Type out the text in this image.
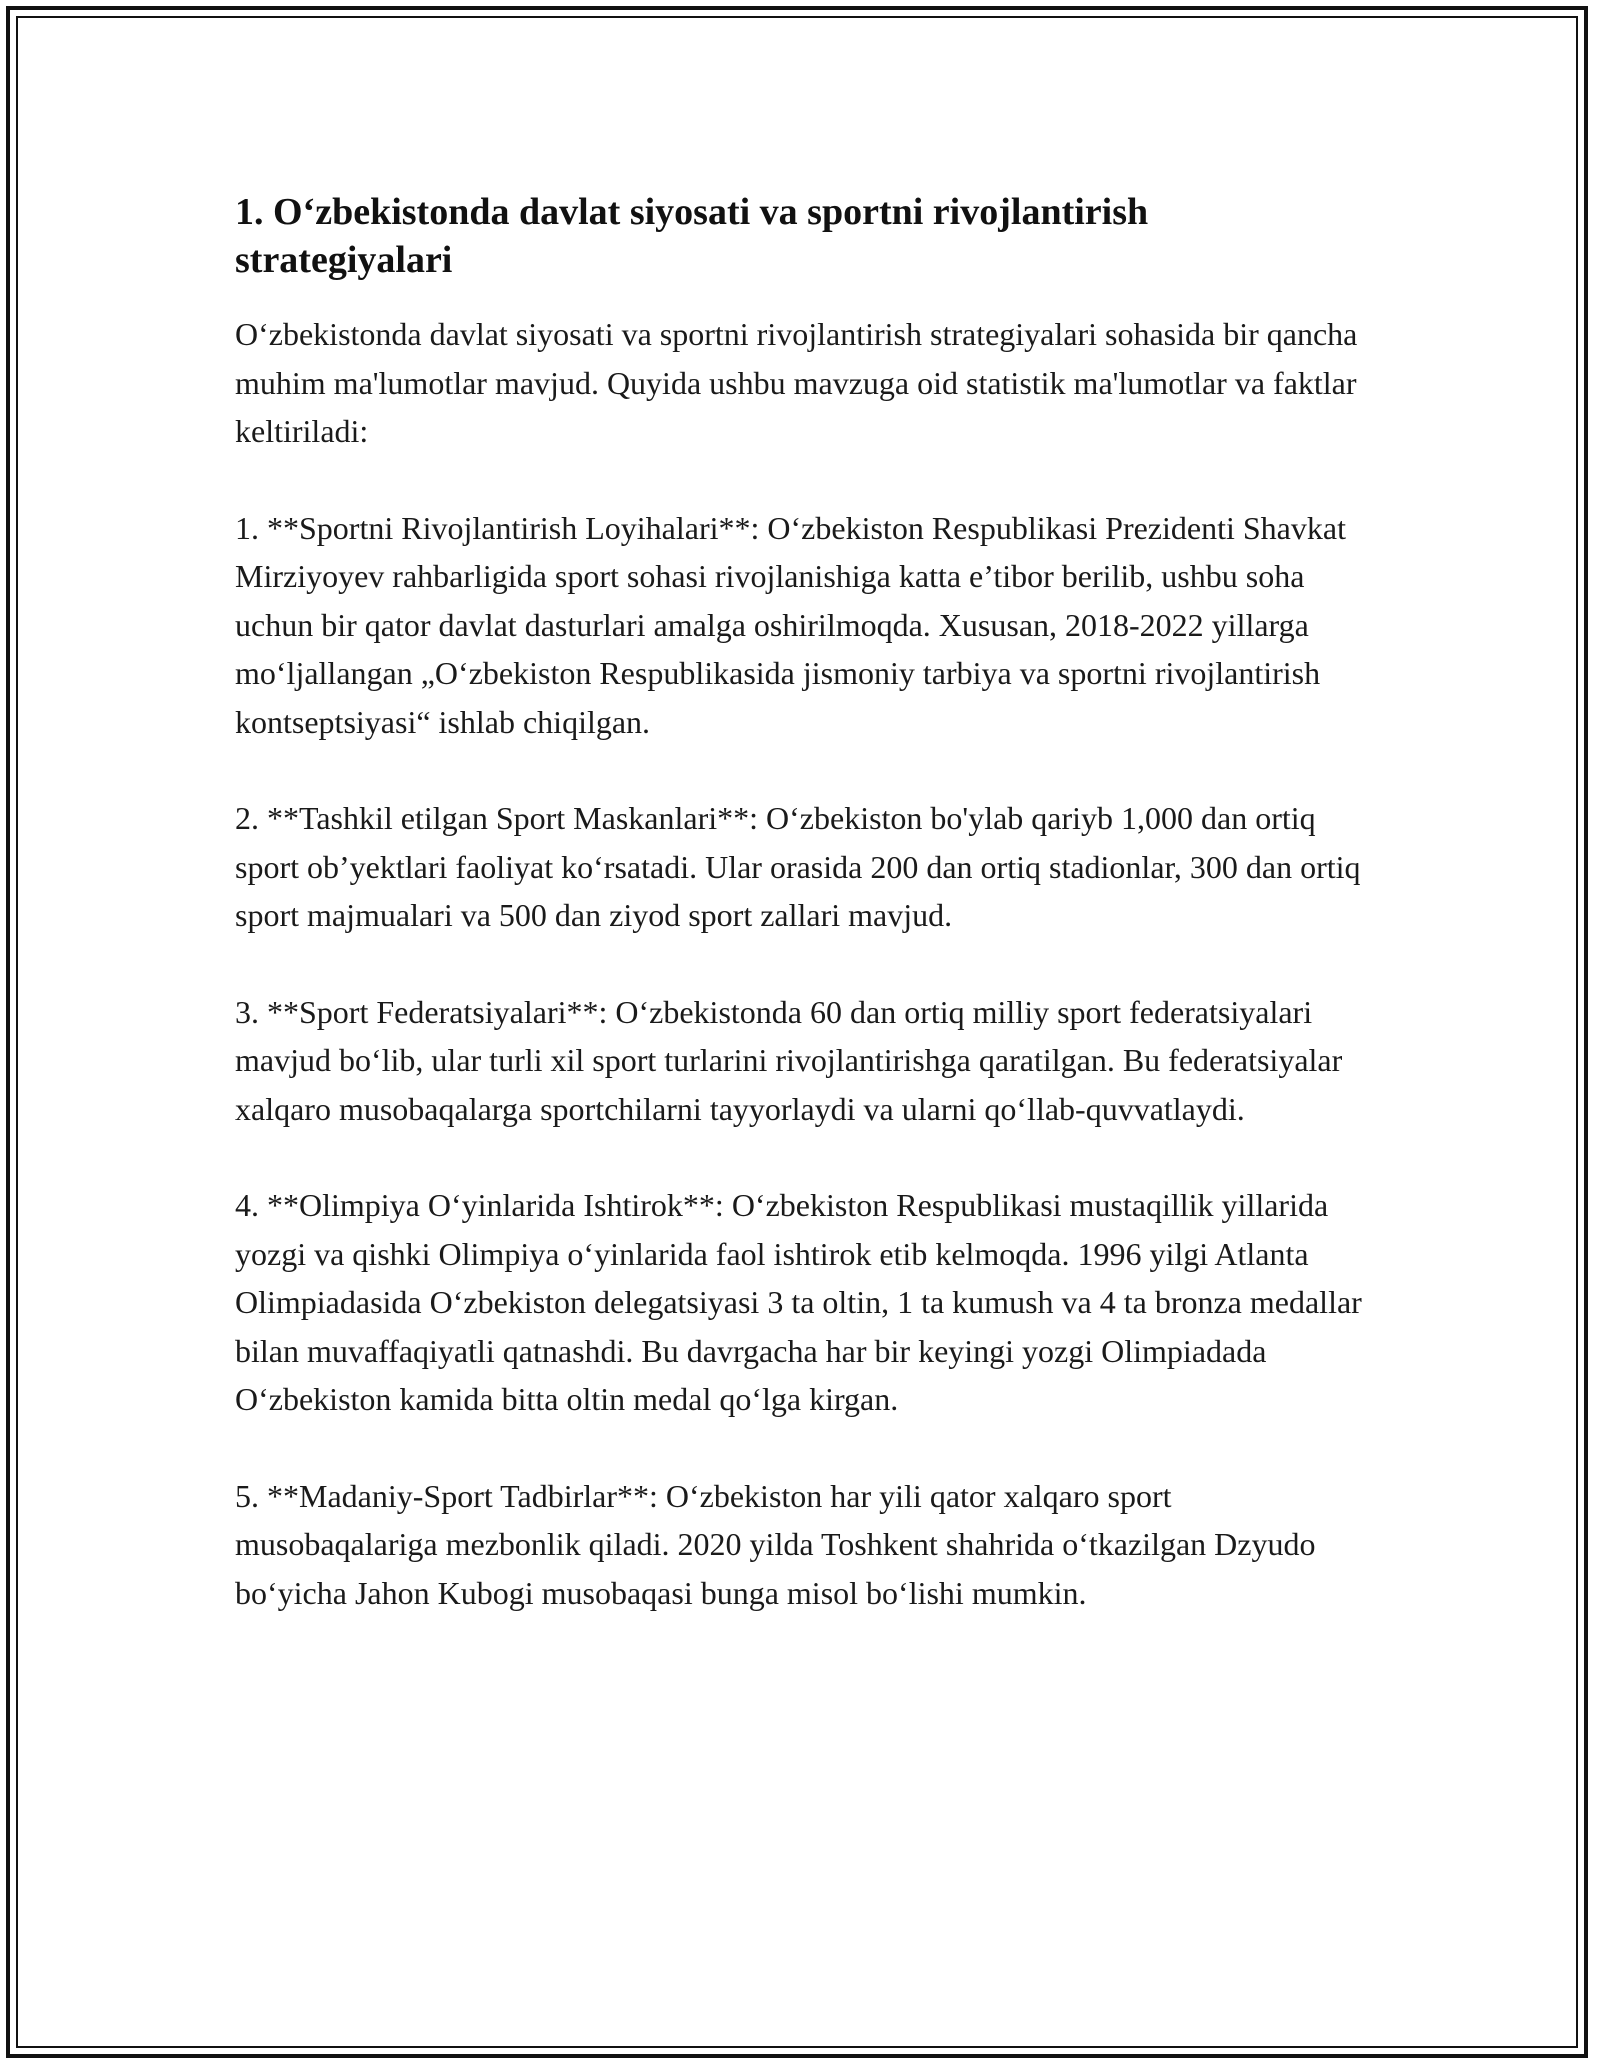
1. O‘zbekistonda davlat siyosati va sportni rivojlantirish strategiyalari

O‘zbekistonda davlat siyosati va sportni rivojlantirish strategiyalari sohasida bir qancha muhim ma'lumotlar mavjud. Quyida ushbu mavzuga oid statistik ma'lumotlar va faktlar keltiriladi:

1. **Sportni Rivojlantirish Loyihalari**: O‘zbekiston Respublikasi Prezidenti Shavkat Mirziyoyev rahbarligida sport sohasi rivojlanishiga katta e’tibor berilib, ushbu soha uchun bir qator davlat dasturlari amalga oshirilmoqda. Xususan, 2018-2022 yillarga mo‘ljallangan „O‘zbekiston Respublikasida jismoniy tarbiya va sportni rivojlantirish kontseptsiyasi“ ishlab chiqilgan.

2. **Tashkil etilgan Sport Maskanlari**: O‘zbekiston bo'ylab qariyb 1,000 dan ortiq sport ob’yektlari faoliyat ko‘rsatadi. Ular orasida 200 dan ortiq stadionlar, 300 dan ortiq sport majmualari va 500 dan ziyod sport zallari mavjud.

3. **Sport Federatsiyalari**: O‘zbekistonda 60 dan ortiq milliy sport federatsiyalari mavjud bo‘lib, ular turli xil sport turlarini rivojlantirishga qaratilgan. Bu federatsiyalar xalqaro musobaqalarga sportchilarni tayyorlaydi va ularni qo‘llab-quvvatlaydi.

4. **Olimpiya O‘yinlarida Ishtirok**: O‘zbekiston Respublikasi mustaqillik yillarida yozgi va qishki Olimpiya o‘yinlarida faol ishtirok etib kelmoqda. 1996 yilgi Atlanta Olimpiadasida O‘zbekiston delegatsiyasi 3 ta oltin, 1 ta kumush va 4 ta bronza medallar bilan muvaffaqiyatli qatnashdi. Bu davrgacha har bir keyingi yozgi Olimpiadada O‘zbekiston kamida bitta oltin medal qo‘lga kirgan.

5. **Madaniy-Sport Tadbirlar**: O‘zbekiston har yili qator xalqaro sport musobaqalariga mezbonlik qiladi. 2020 yilda Toshkent shahrida o‘tkazilgan Dzyudo bo‘yicha Jahon Kubogi musobaqasi bunga misol bo‘lishi mumkin.
